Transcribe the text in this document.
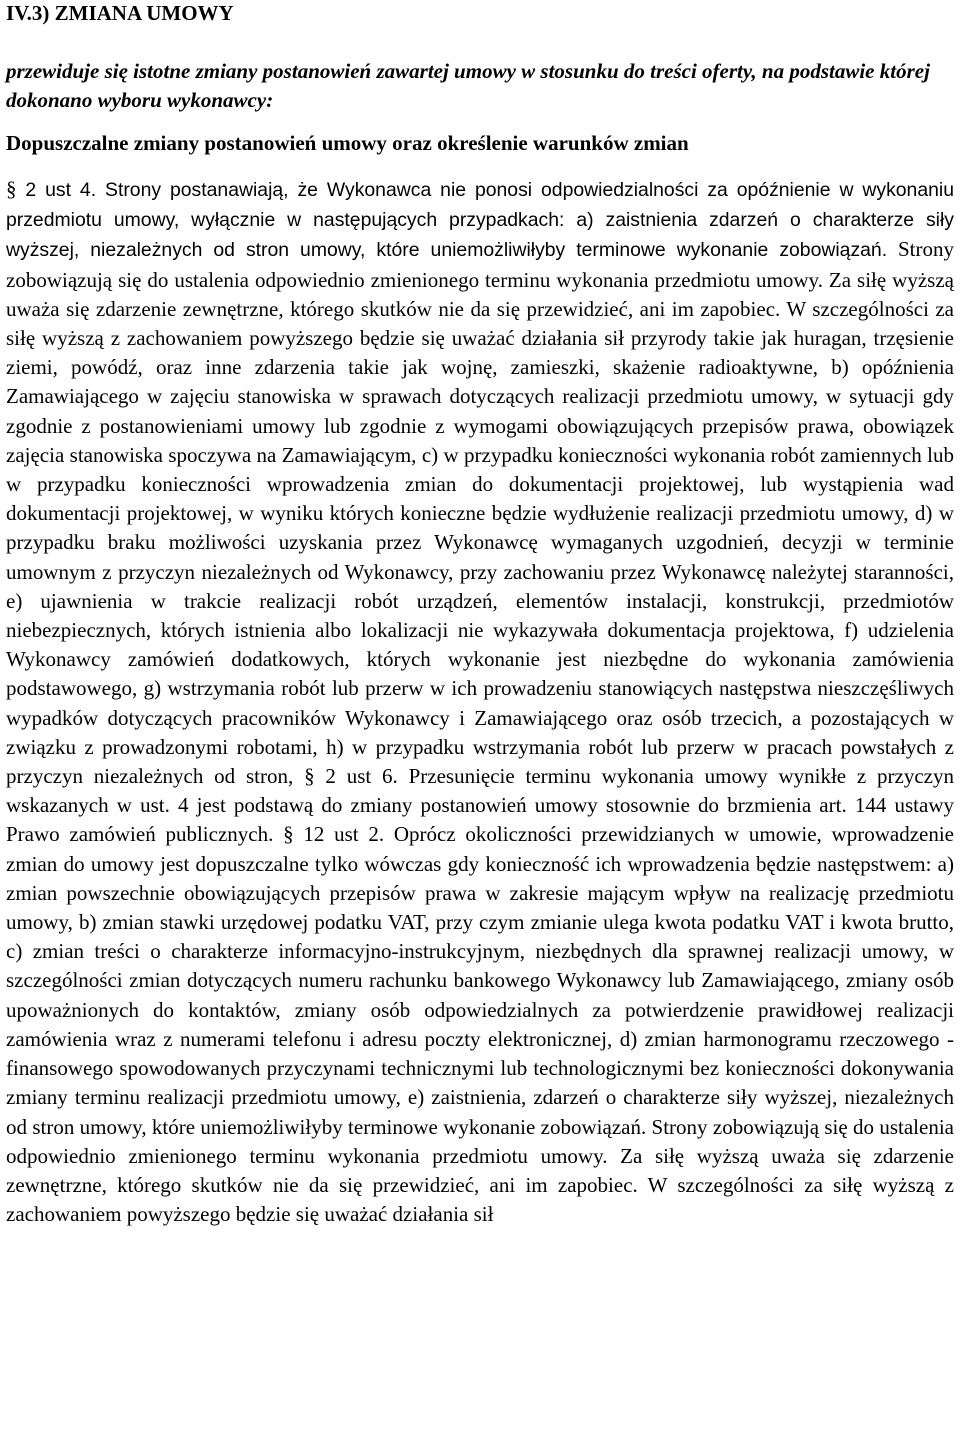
IV.3) ZMIANA UMOWY

przewiduje się istotne zmiany postanowień zawartej umowy w stosunku do treści oferty, na podstawie której dokonano wyboru wykonawcy:

Dopuszczalne zmiany postanowień umowy oraz określenie warunków zmian

§ 2 ust 4. Strony postanawiają, że Wykonawca nie ponosi odpowiedzialności za opóźnienie w wykonaniu przedmiotu umowy, wyłącznie w następujących przypadkach: a) zaistnienia zdarzeń o charakterze siły wyższej, niezależnych od stron umowy, które uniemożliwiłyby terminowe wykonanie zobowiązań. Strony zobowiązują się do ustalenia odpowiednio zmienionego terminu wykonania przedmiotu umowy. Za siłę wyższą uważa się zdarzenie zewnętrzne, którego skutków nie da się przewidzieć, ani im zapobiec. W szczególności za siłę wyższą z zachowaniem powyższego będzie się uważać działania sił przyrody takie jak huragan, trzęsienie ziemi, powódź, oraz inne zdarzenia takie jak wojnę, zamieszki, skażenie radioaktywne, b) opóźnienia Zamawiającego w zajęciu stanowiska w sprawach dotyczących realizacji przedmiotu umowy, w sytuacji gdy zgodnie z postanowieniami umowy lub zgodnie z wymogami obowiązujących przepisów prawa, obowiązek zajęcia stanowiska spoczywa na Zamawiającym, c) w przypadku konieczności wykonania robót zamiennych lub w przypadku konieczności wprowadzenia zmian do dokumentacji projektowej, lub wystąpienia wad dokumentacji projektowej, w wyniku których konieczne będzie wydłużenie realizacji przedmiotu umowy, d) w przypadku braku możliwości uzyskania przez Wykonawcę wymaganych uzgodnień, decyzji w terminie umownym z przyczyn niezależnych od Wykonawcy, przy zachowaniu przez Wykonawcę należytej staranności, e) ujawnienia w trakcie realizacji robót urządzeń, elementów instalacji, konstrukcji, przedmiotów niebezpiecznych, których istnienia albo lokalizacji nie wykazywała dokumentacja projektowa, f) udzielenia Wykonawcy zamówień dodatkowych, których wykonanie jest niezbędne do wykonania zamówienia podstawowego, g) wstrzymania robót lub przerw w ich prowadzeniu stanowiących następstwa nieszczęśliwych wypadków dotyczących pracowników Wykonawcy i Zamawiającego oraz osób trzecich, a pozostających w związku z prowadzonymi robotami, h) w przypadku wstrzymania robót lub przerw w pracach powstałych z przyczyn niezależnych od stron, § 2 ust 6. Przesunięcie terminu wykonania umowy wynikłe z przyczyn wskazanych w ust. 4 jest podstawą do zmiany postanowień umowy stosownie do brzmienia art. 144 ustawy Prawo zamówień publicznych. § 12 ust 2. Oprócz okoliczności przewidzianych w umowie, wprowadzenie zmian do umowy jest dopuszczalne tylko wówczas gdy konieczność ich wprowadzenia będzie następstwem: a) zmian powszechnie obowiązujących przepisów prawa w zakresie mającym wpływ na realizację przedmiotu umowy, b) zmian stawki urzędowej podatku VAT, przy czym zmianie ulega kwota podatku VAT i kwota brutto, c) zmian treści o charakterze informacyjno-instrukcyjnym, niezbędnych dla sprawnej realizacji umowy, w szczególności zmian dotyczących numeru rachunku bankowego Wykonawcy lub Zamawiającego, zmiany osób upoważnionych do kontaktów, zmiany osób odpowiedzialnych za potwierdzenie prawidłowej realizacji zamówienia wraz z numerami telefonu i adresu poczty elektronicznej, d) zmian harmonogramu rzeczowego - finansowego spowodowanych przyczynami technicznymi lub technologicznymi bez konieczności dokonywania zmiany terminu realizacji przedmiotu umowy, e) zaistnienia, zdarzeń o charakterze siły wyższej, niezależnych od stron umowy, które uniemożliwiłyby terminowe wykonanie zobowiązań. Strony zobowiązują się do ustalenia odpowiednio zmienionego terminu wykonania przedmiotu umowy. Za siłę wyższą uważa się zdarzenie zewnętrzne, którego skutków nie da się przewidzieć, ani im zapobiec. W szczególności za siłę wyższą z zachowaniem powyższego będzie się uważać działania sił
